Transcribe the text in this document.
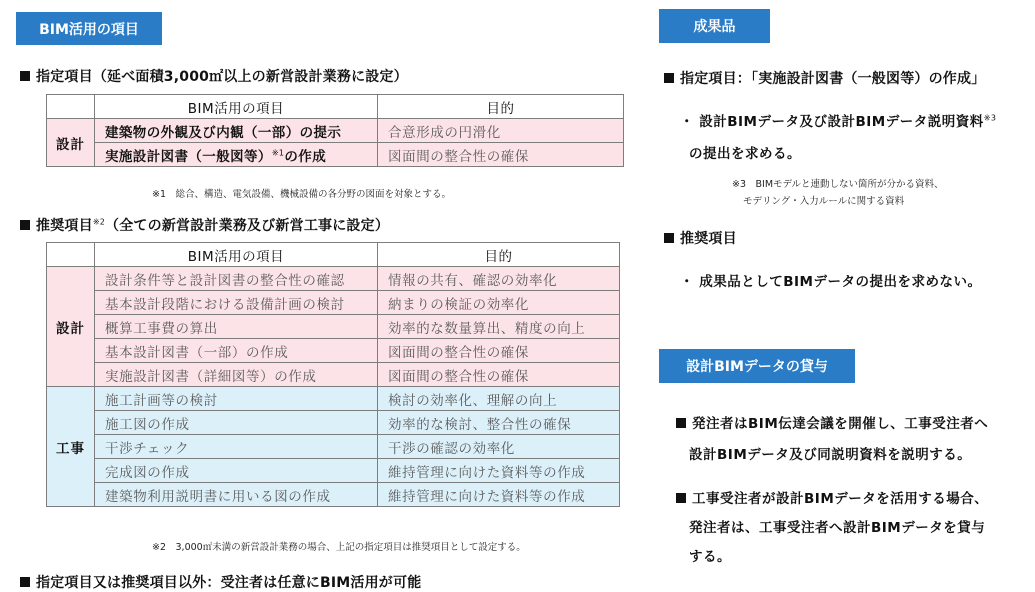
BIM活用の項目
指定項目（延べ面積3,000㎡以上の新営設計業務に設定）
	BIM活用の項目	目的
設計	建築物の外観及び内観（一部）の提示	合意形成の円滑化
	実施設計図書（一般図等）$^{※1}$の作成	図面間の整合性の確保
※1　総合、構造、電気設備、機械設備の各分野の図面を対象とする。
推奨項目$^{※2}$（全ての新営設計業務及び新営工事に設定）
	BIM活用の項目	目的
設計	設計条件等と設計図書の整合性の確認	情報の共有、確認の効率化
	基本設計段階における設備計画の検討	納まりの検証の効率化
	概算工事費の算出	効率的な数量算出、精度の向上
	基本設計図書（一部）の作成	図面間の整合性の確保
	実施設計図書（詳細図等）の作成	図面間の整合性の確保
工事	施工計画等の検討	検討の効率化、理解の向上
	施工図の作成	効率的な検討、整合性の確保
	干渉チェック	干渉の確認の効率化
	完成図の作成	維持管理に向けた資料等の作成
	建築物利用説明書に用いる図の作成	維持管理に向けた資料等の作成
※2　3,000㎡未満の新営設計業務の場合、上記の指定項目は推奨項目として設定する。
指定項目又は推奨項目以外：受注者は任意にBIM活用が可能
成果品
指定項目：「実施設計図書（一般図等）の作成」
・ 設計BIMデータ及び設計BIMデータ説明資料$^{※3}$
の提出を求める。
※3　BIMモデルと連動しない箇所が分かる資料、
モデリング・入力ルールに関する資料
推奨項目
・ 成果品としてBIMデータの提出を求めない。
設計BIMデータの貸与
発注者はBIM伝達会議を開催し、工事受注者へ
設計BIMデータ及び同説明資料を説明する。
工事受注者が設計BIMデータを活用する場合、
発注者は、工事受注者へ設計BIMデータを貸与
する。
